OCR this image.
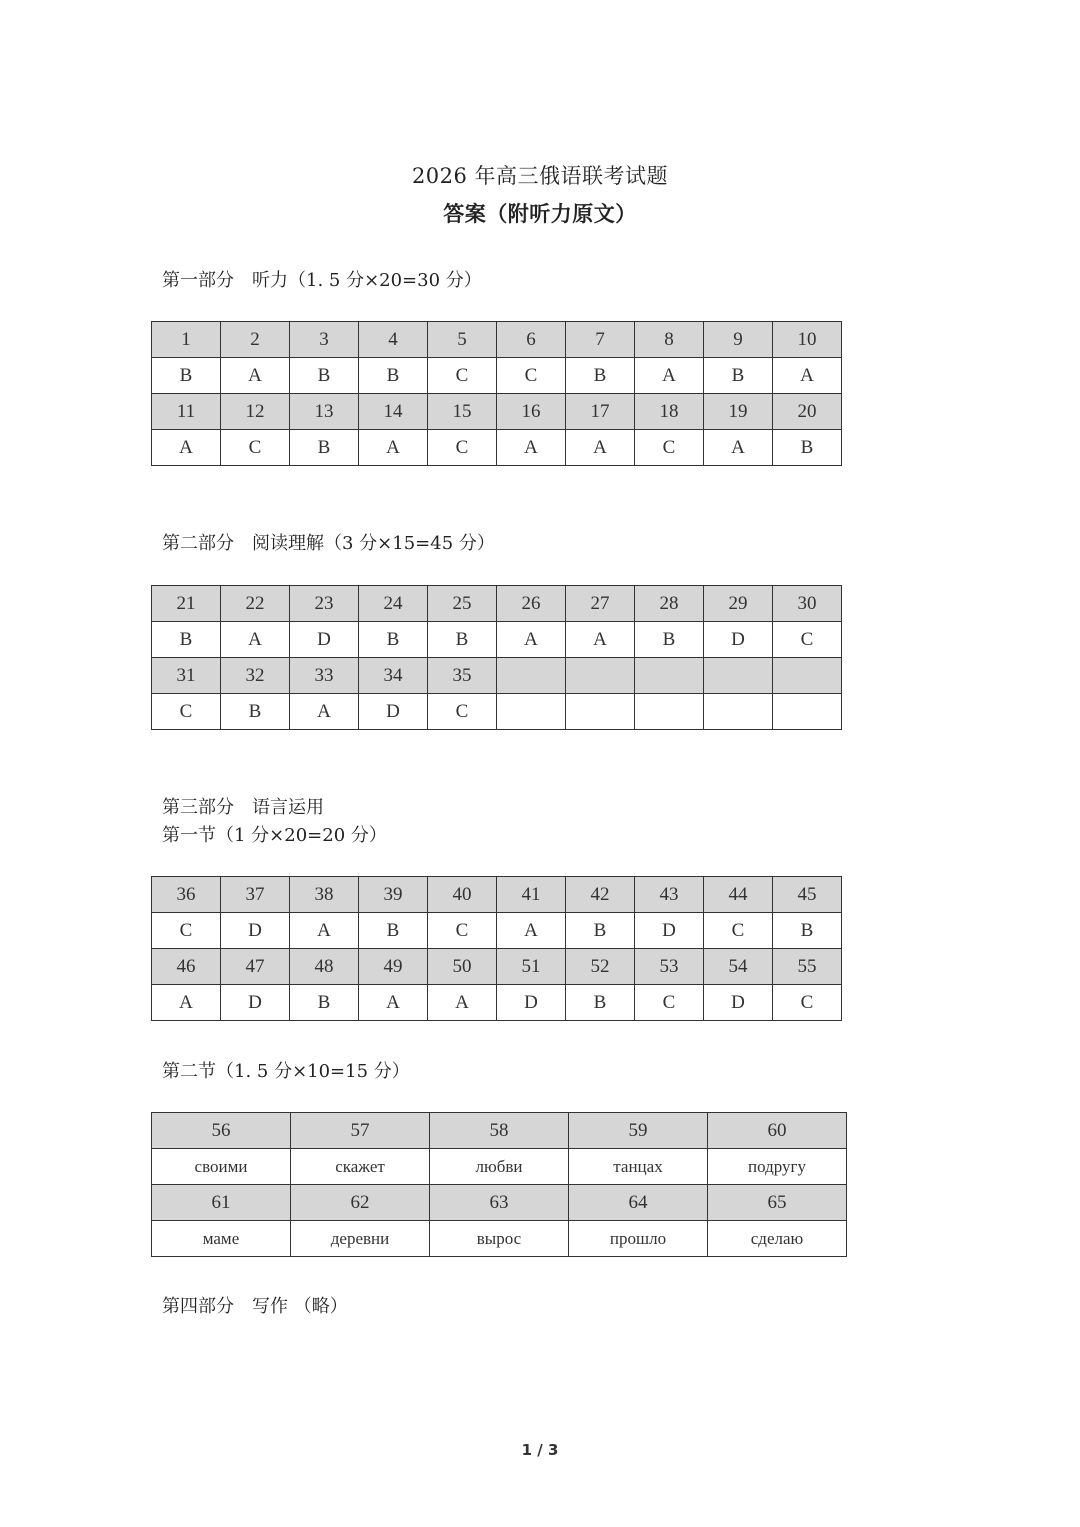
2026 年高三俄语联考试题
答案（附听力原文）
第一部分 听力（1. 5 分×20=30 分）
1	2	3	4	5	6	7	8	9	10
B	A	B	B	C	C	B	A	B	A
11	12	13	14	15	16	17	18	19	20
A	C	B	A	C	A	A	C	A	B
第二部分 阅读理解（3 分×15=45 分）
21	22	23	24	25	26	27	28	29	30
B	A	D	B	B	A	A	B	D	C
31	32	33	34	35					
C	B	A	D	C					
第三部分 语言运用
第一节（1 分×20=20 分）
36	37	38	39	40	41	42	43	44	45
C	D	A	B	C	A	B	D	C	B
46	47	48	49	50	51	52	53	54	55
A	D	B	A	A	D	B	C	D	C
第二节（1. 5 分×10=15 分）
56	57	58	59	60
своими	скажет	любви	танцах	подругу
61	62	63	64	65
маме	деревни	вырос	прошло	сделаю
第四部分 写作 （略）
1 / 3
